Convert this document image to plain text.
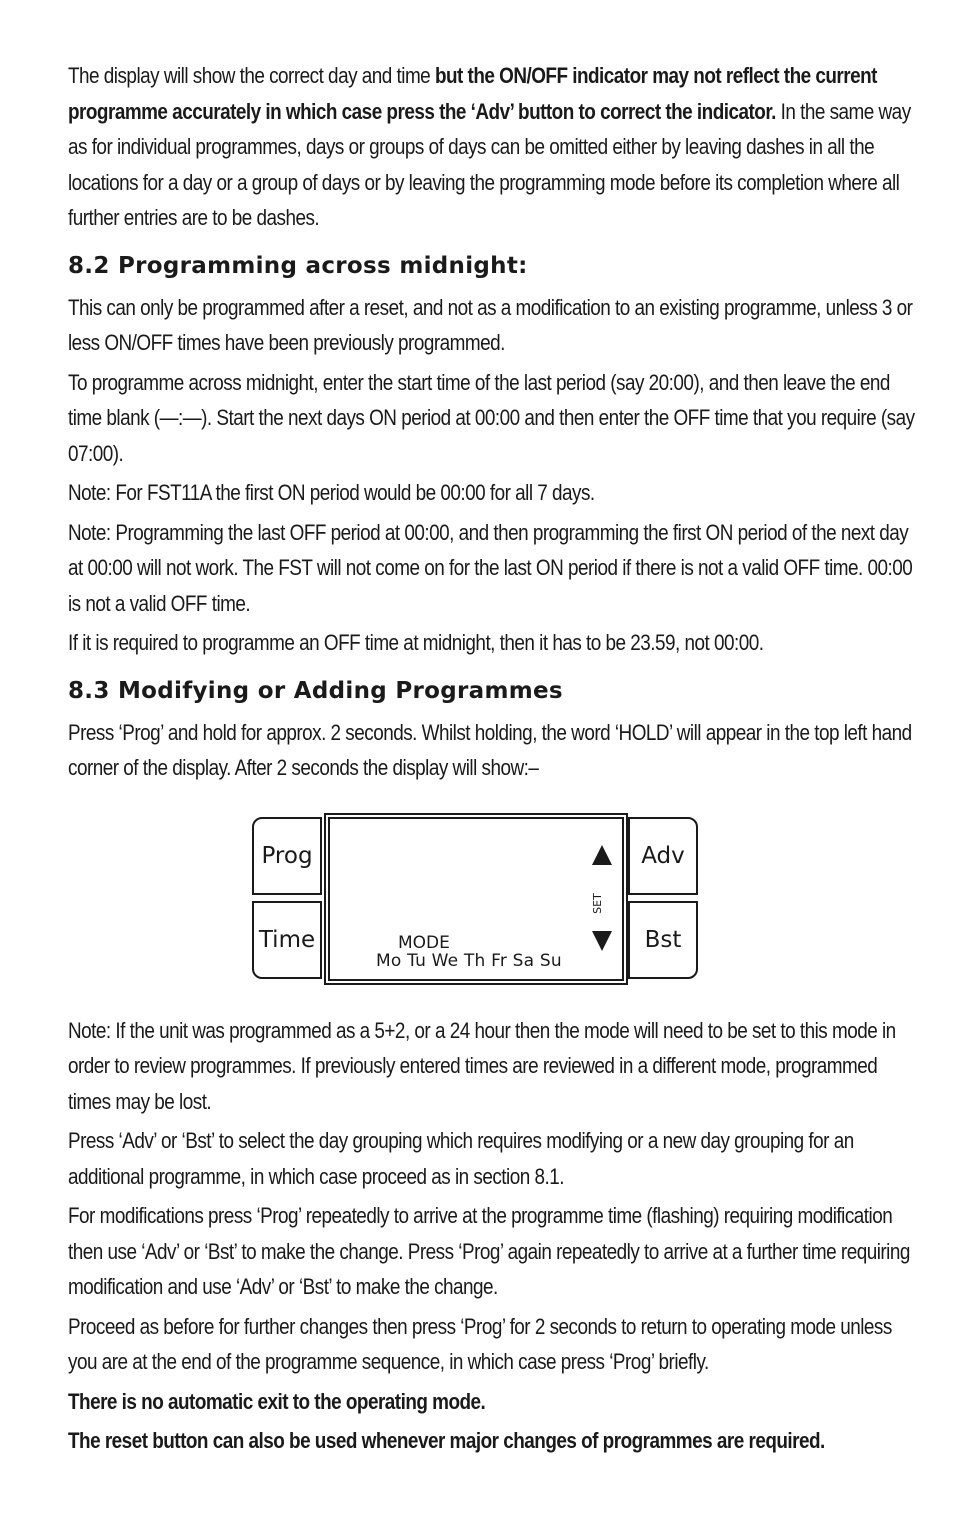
The display will show the correct day and time but the ON/OFF indicator may not reflect the current programme accurately in which case press the ‘Adv’ button to correct the indicator. In the same way as for individual programmes, days or groups of days can be omitted either by leaving dashes in all the locations for a day or a group of days or by leaving the programming mode before its completion where all further entries are to be dashes.

8.2 Programming across midnight:

This can only be programmed after a reset, and not as a modification to an existing programme, unless 3 or less ON/OFF times have been previously programmed.

To programme across midnight, enter the start time of the last period (say 20:00), and then leave the end time blank (—:—). Start the next days ON period at 00:00 and then enter the OFF time that you require (say 07:00).

Note: For FST11A the first ON period would be 00:00 for all 7 days.

Note: Programming the last OFF period at 00:00, and then programming the first ON period of the next day at 00:00 will not work. The FST will not come on for the last ON period if there is not a valid OFF time. 00:00 is not a valid OFF time.

If it is required to programme an OFF time at midnight, then it has to be 23.59, not 00:00.

8.3 Modifying or Adding Programmes

Press ‘Prog’ and hold for approx. 2 seconds. Whilst holding, the word ‘HOLD’ will appear in the top left hand corner of the display. After 2 seconds the display will show:–

Prog
Time
SET
MODE
Mo Tu We Th Fr Sa Su
Adv
Bst

Note: If the unit was programmed as a 5+2, or a 24 hour then the mode will need to be set to this mode in order to review programmes. If previously entered times are reviewed in a different mode, programmed times may be lost.

Press ‘Adv’ or ‘Bst’ to select the day grouping which requires modifying or a new day grouping for an additional programme, in which case proceed as in section 8.1.

For modifications press ‘Prog’ repeatedly to arrive at the programme time (flashing) requiring modification then use ‘Adv’ or ‘Bst’ to make the change. Press ‘Prog’ again repeatedly to arrive at a further time requiring modification and use ‘Adv’ or ‘Bst’ to make the change.

Proceed as before for further changes then press ‘Prog’ for 2 seconds to return to operating mode unless you are at the end of the programme sequence, in which case press ‘Prog’ briefly.

There is no automatic exit to the operating mode.

The reset button can also be used whenever major changes of programmes are required.
